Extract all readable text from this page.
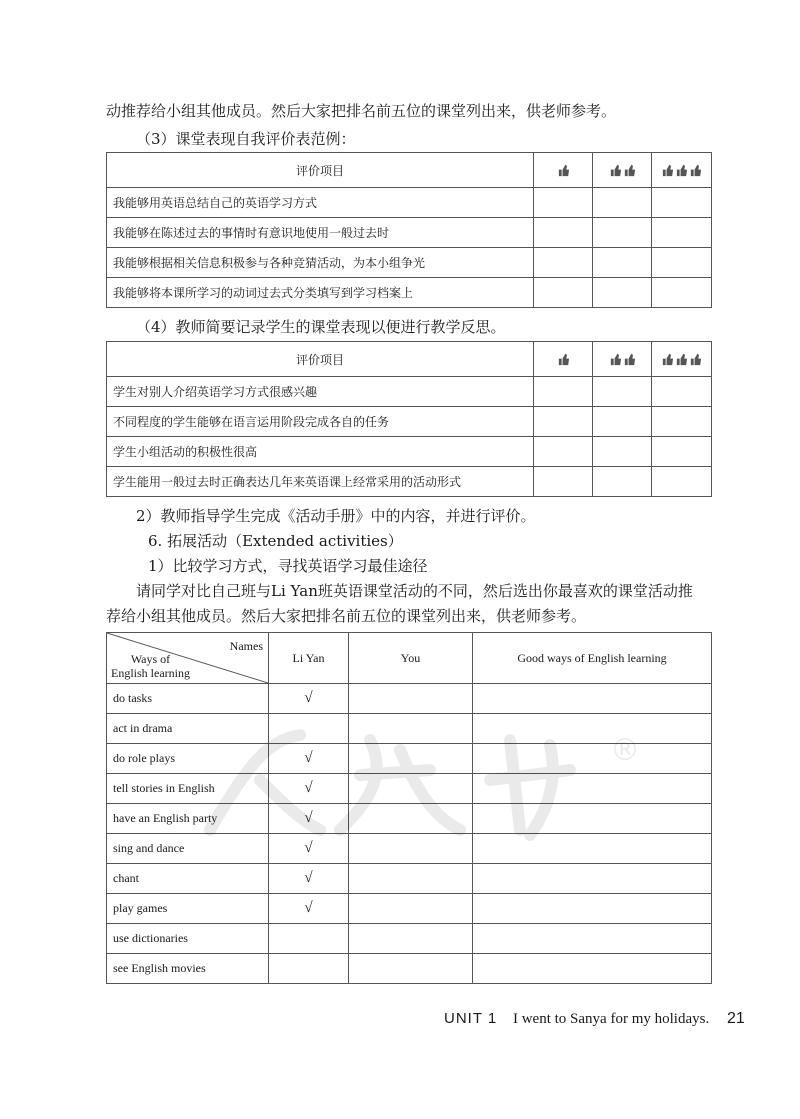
动推荐给小组其他成员。然后大家把排名前五位的课堂列出来，供老师参考。
（3）课堂表现自我评价表范例：
评价项目	

我能够用英语总结自己的英语学习方式			
我能够在陈述过去的事情时有意识地使用一般过去时			
我能够根据相关信息积极参与各种竞猜活动，为本小组争光			
我能够将本课所学习的动词过去式分类填写到学习档案上			
（4）教师简要记录学生的课堂表现以便进行教学反思。
评价项目	

学生对别人介绍英语学习方式很感兴趣			
不同程度的学生能够在语言运用阶段完成各自的任务			
学生小组活动的积极性很高			
学生能用一般过去时正确表达几年来英语课上经常采用的活动形式			
2）教师指导学生完成《活动手册》中的内容，并进行评价。
6. 拓展活动（Extended activities）
1）比较学习方式，寻找英语学习最佳途径
请同学对比自己班与Li Yan班英语课堂活动的不同，然后选出你最喜欢的课堂活动推
荐给小组其他成员。然后大家把排名前五位的课堂列出来，供老师参考。
Names
Ways of
English learning	Li Yan	You	Good ways of English learning
do tasks	√		
act in drama			
do role plays	√		
tell stories in English	√		
have an English party	√		
sing and dance	√		
chant	√		
play games	√		
use dictionaries			
see English movies			
®
UNIT 1 I went to Sanya for my holidays. 21
